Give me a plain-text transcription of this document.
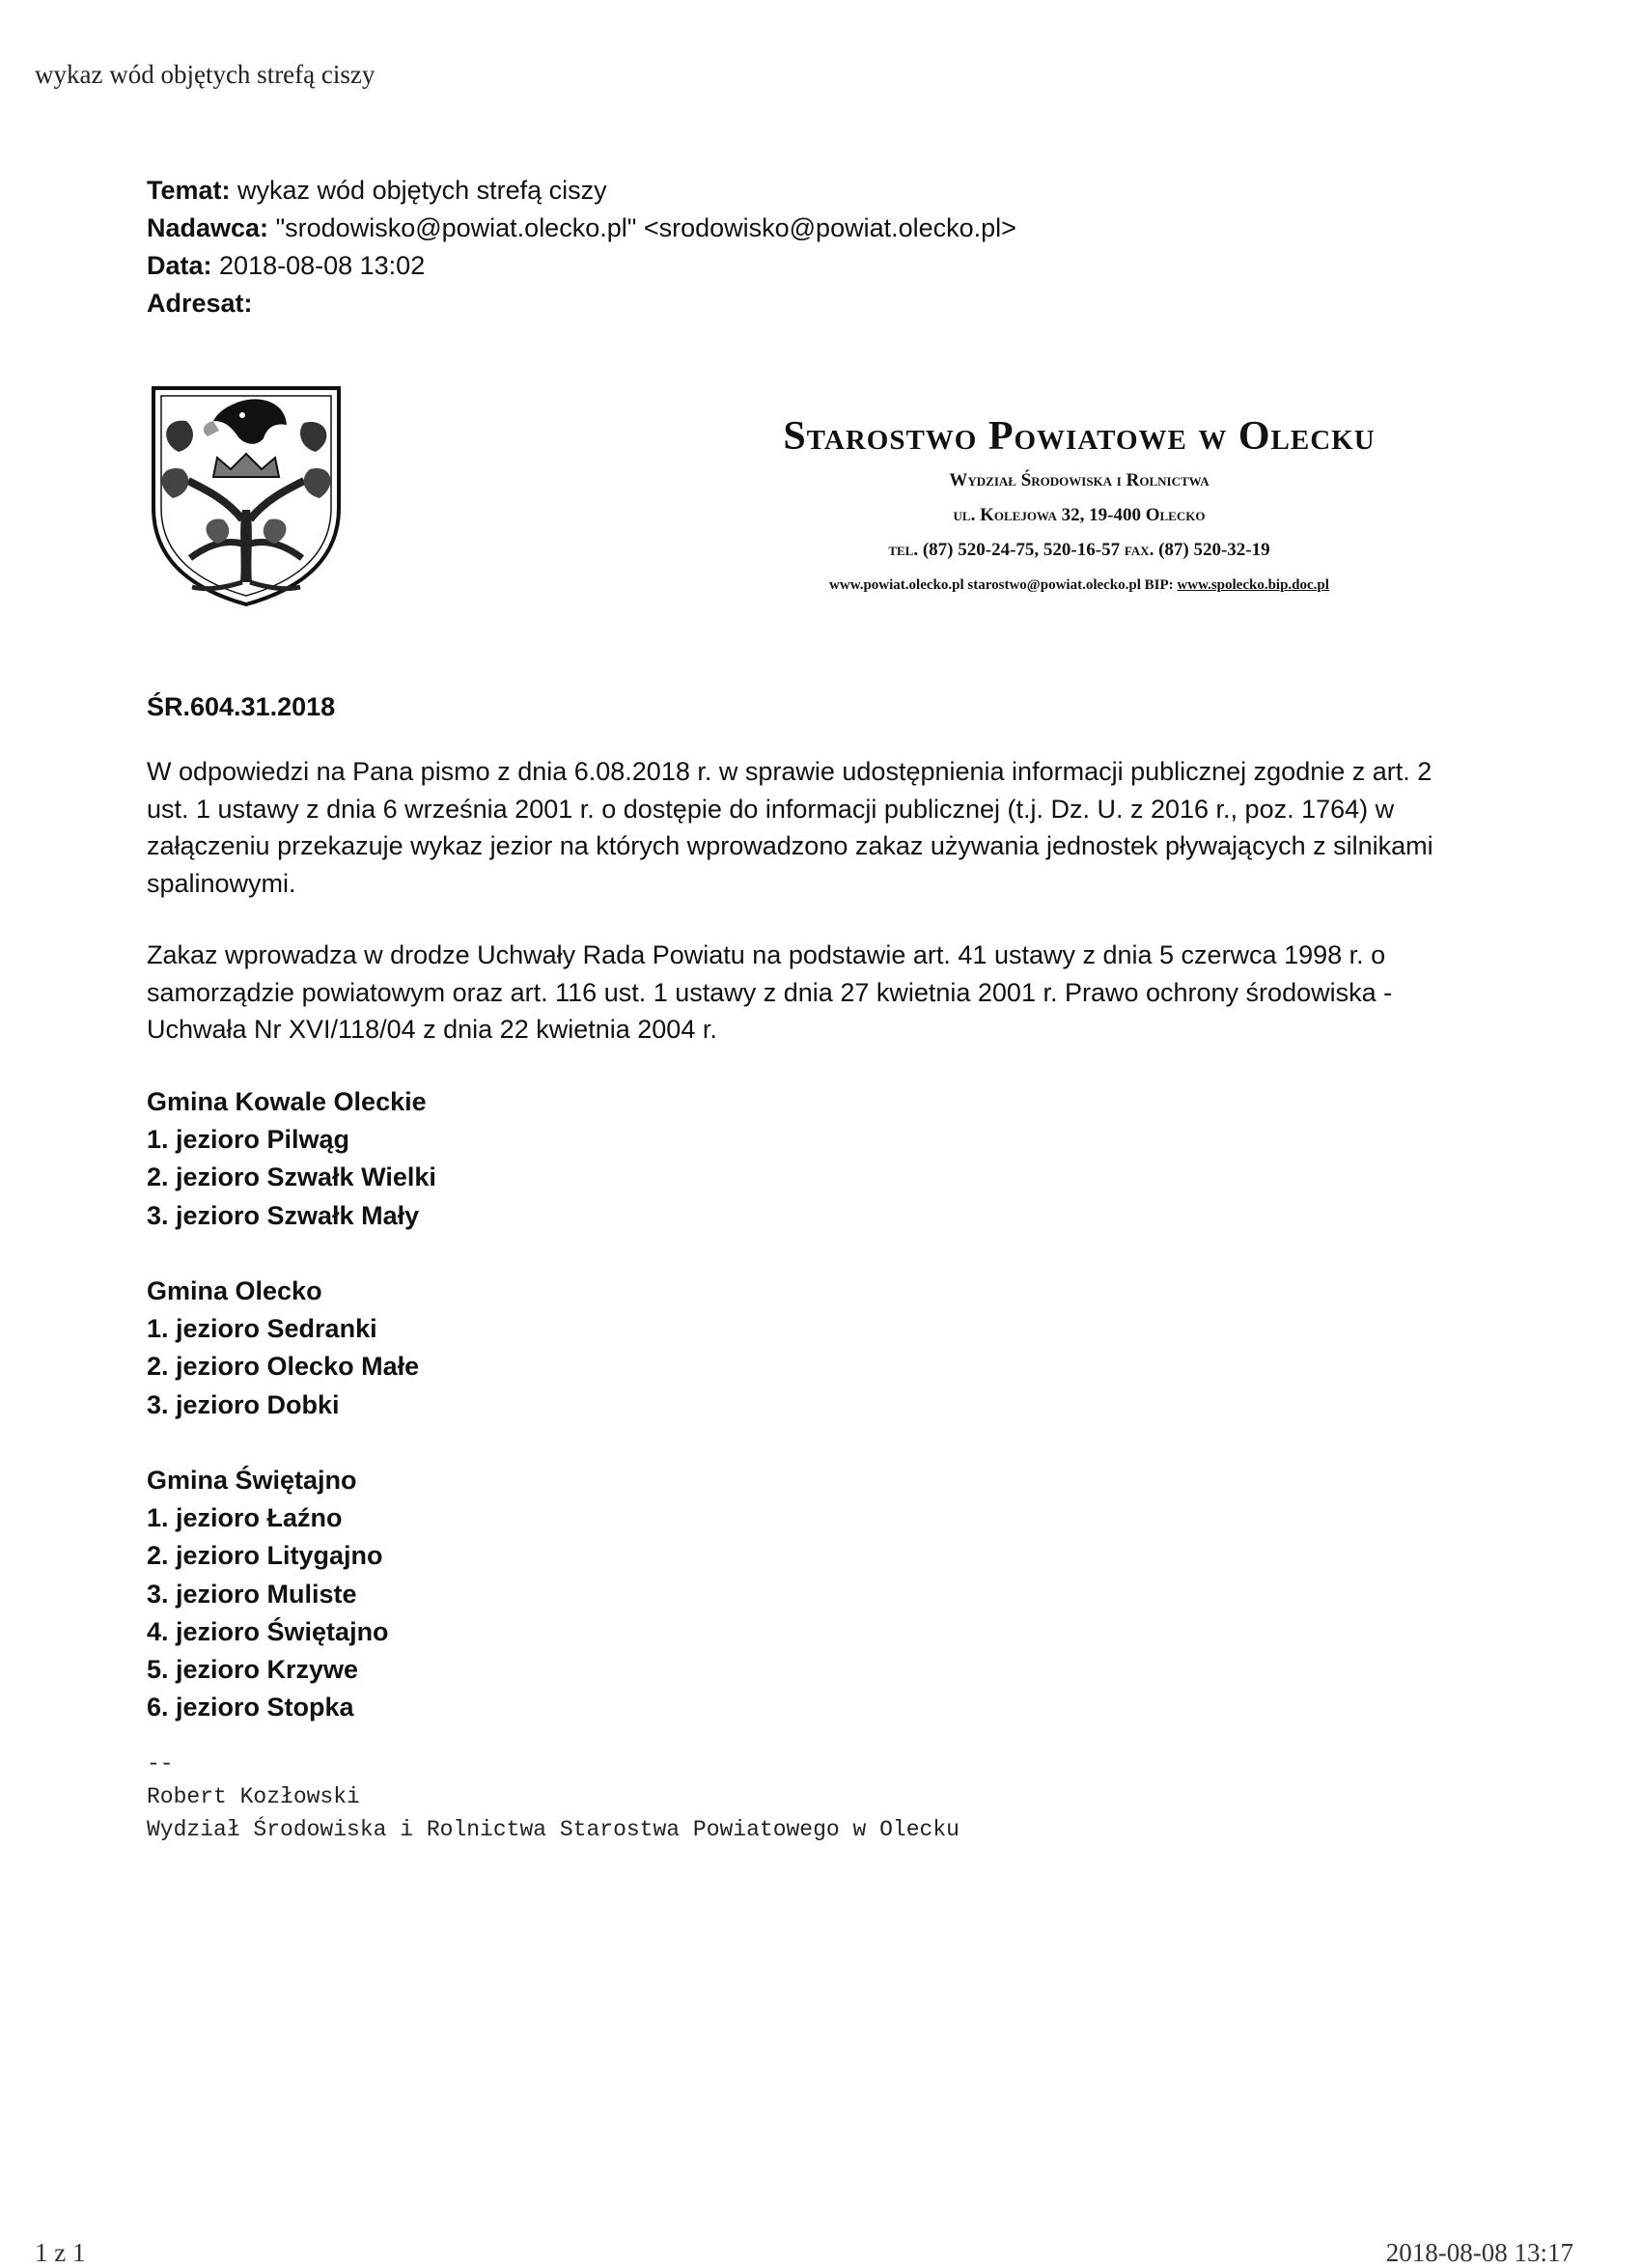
wykaz wód objętych strefą ciszy
Temat: wykaz wód objętych strefą ciszy
Nadawca: "srodowisko@powiat.olecko.pl" <srodowisko@powiat.olecko.pl>
Data: 2018-08-08 13:02
Adresat:
Starostwo Powiatowe w Olecku
Wydział Środowiska i Rolnictwa
ul. Kolejowa 32, 19-400 Olecko
tel. (87) 520-24-75, 520-16-57 fax. (87) 520-32-19
www.powiat.olecko.pl starostwo@powiat.olecko.pl BIP: www.spolecko.bip.doc.pl
ŚR.604.31.2018

W odpowiedzi na Pana pismo z dnia 6.08.2018 r. w sprawie udostępnienia informacji publicznej zgodnie z art. 2 ust. 1 ustawy z dnia 6 września 2001 r. o dostępie do informacji publicznej (t.j. Dz. U. z 2016 r., poz. 1764) w załączeniu przekazuje wykaz jezior na których wprowadzono zakaz używania jednostek pływających z silnikami spalinowymi.

Zakaz wprowadza w drodze Uchwały Rada Powiatu na podstawie art. 41 ustawy z dnia 5 czerwca 1998 r. o samorządzie powiatowym oraz art. 116 ust. 1 ustawy z dnia 27 kwietnia 2001 r. Prawo ochrony środowiska - Uchwała Nr XVI/118/04 z dnia 22 kwietnia 2004 r.

Gmina Kowale Oleckie
1. jezioro Pilwąg
2. jezioro Szwałk Wielki
3. jezioro Szwałk Mały
Gmina Olecko
1. jezioro Sedranki
2. jezioro Olecko Małe
3. jezioro Dobki
Gmina Świętajno
1. jezioro Łaźno
2. jezioro Litygajno
3. jezioro Muliste
4. jezioro Świętajno
5. jezioro Krzywe
6. jezioro Stopka
--
Robert Kozłowski
Wydział Środowiska i Rolnictwa Starostwa Powiatowego w Olecku
1 z 1	2018-08-08 13:17
